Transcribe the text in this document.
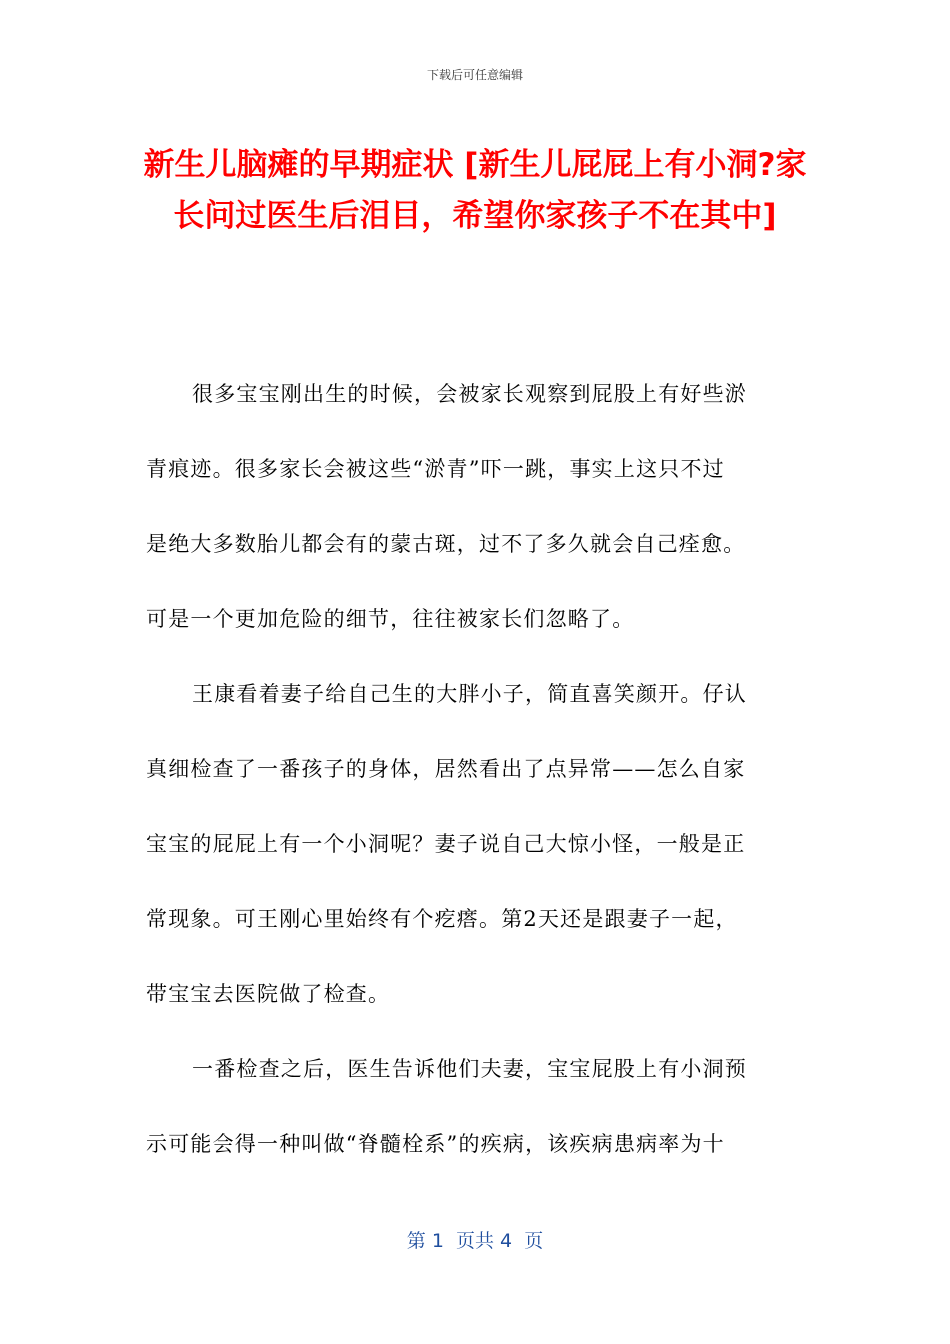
下载后可任意编辑
新生儿脑瘫的早期症状 [新生儿屁屁上有小洞?家长问过医生后泪目，希望你家孩子不在其中]
很多宝宝刚出生的时候，会被家长观察到屁股上有好些淤
青痕迹。很多家长会被这些“淤青”吓一跳，事实上这只不过
是绝大多数胎儿都会有的蒙古斑，过不了多久就会自己痊愈。
可是一个更加危险的细节，往往被家长们忽略了。
王康看着妻子给自己生的大胖小子，简直喜笑颜开。仔认
真细检查了一番孩子的身体，居然看出了点异常——怎么自家
宝宝的屁屁上有一个小洞呢？妻子说自己大惊小怪，一般是正
常现象。可王刚心里始终有个疙瘩。第2天还是跟妻子一起，
带宝宝去医院做了检查。
一番检查之后，医生告诉他们夫妻，宝宝屁股上有小洞预
示可能会得一种叫做“脊髓栓系”的疾病，该疾病患病率为十
第 1  页共 4  页
